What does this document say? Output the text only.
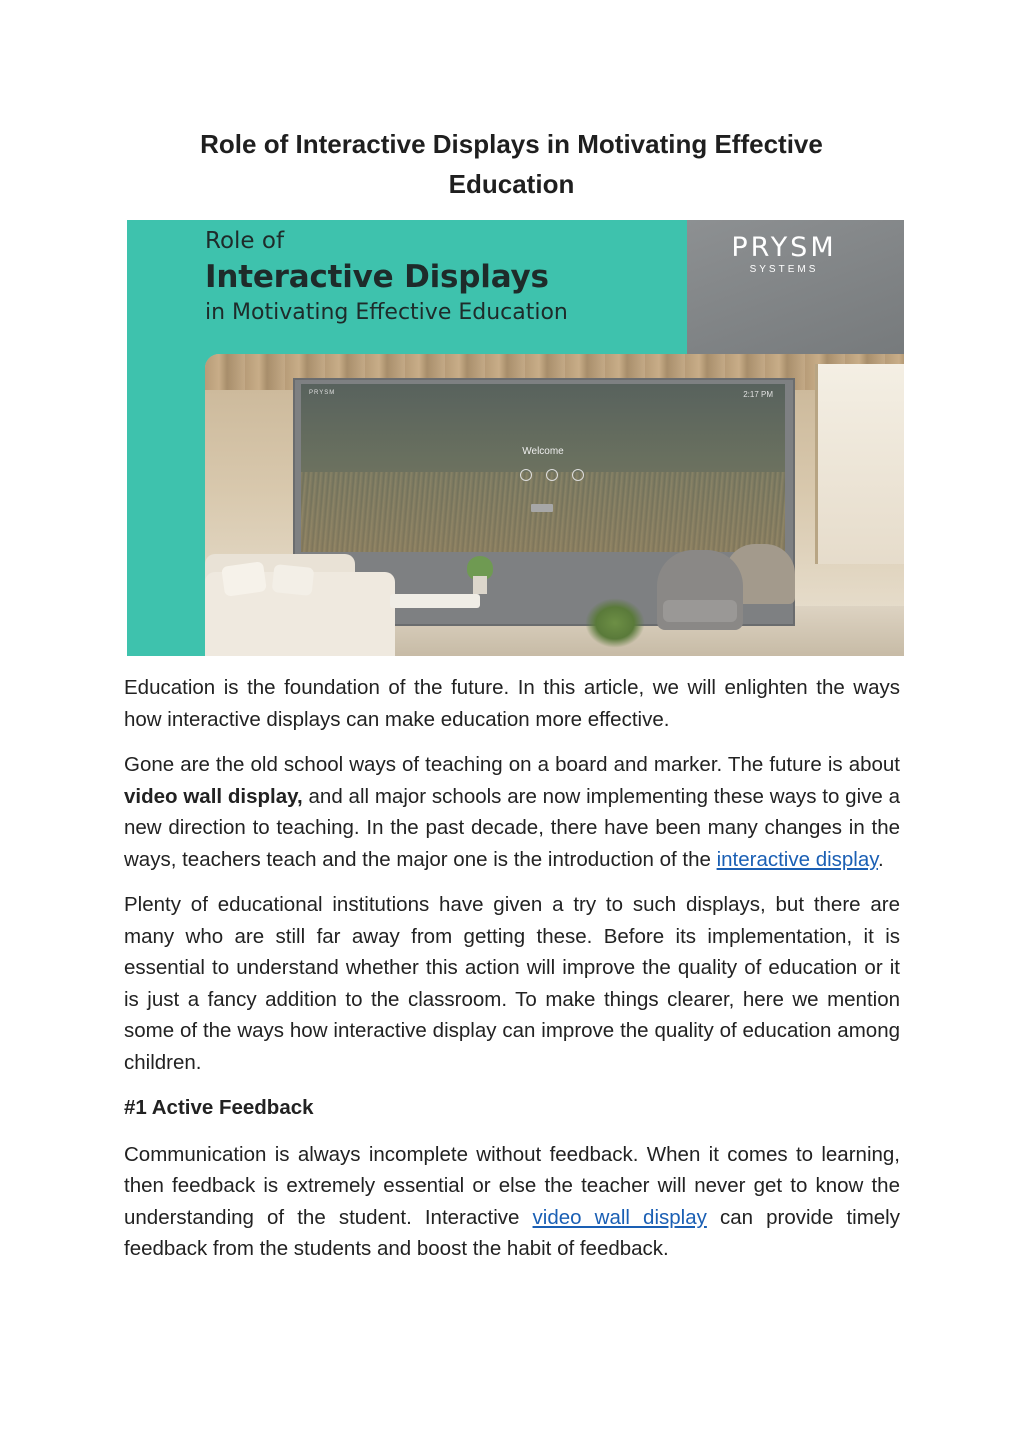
Role of Interactive Displays in Motivating Effective Education
Role of
Interactive Displays
in Motivating Effective Education
PRYSM
SYSTEMS
PRYSM	2:17 PM
Welcome

Education is the foundation of the future. In this article, we will enlighten the ways how interactive displays can make education more effective.

Gone are the old school ways of teaching on a board and marker. The future is about video wall display, and all major schools are now implementing these ways to give a new direction to teaching. In the past decade, there have been many changes in the ways, teachers teach and the major one is the introduction of the interactive display.

Plenty of educational institutions have given a try to such displays, but there are many who are still far away from getting these. Before its implementation, it is essential to understand whether this action will improve the quality of education or it is just a fancy addition to the classroom. To make things clearer, here we mention some of the ways how interactive display can improve the quality of education among children.

#1 Active Feedback

Communication is always incomplete without feedback. When it comes to learning, then feedback is extremely essential or else the teacher will never get to know the understanding of the student. Interactive video wall display can provide timely feedback from the students and boost the habit of feedback.
